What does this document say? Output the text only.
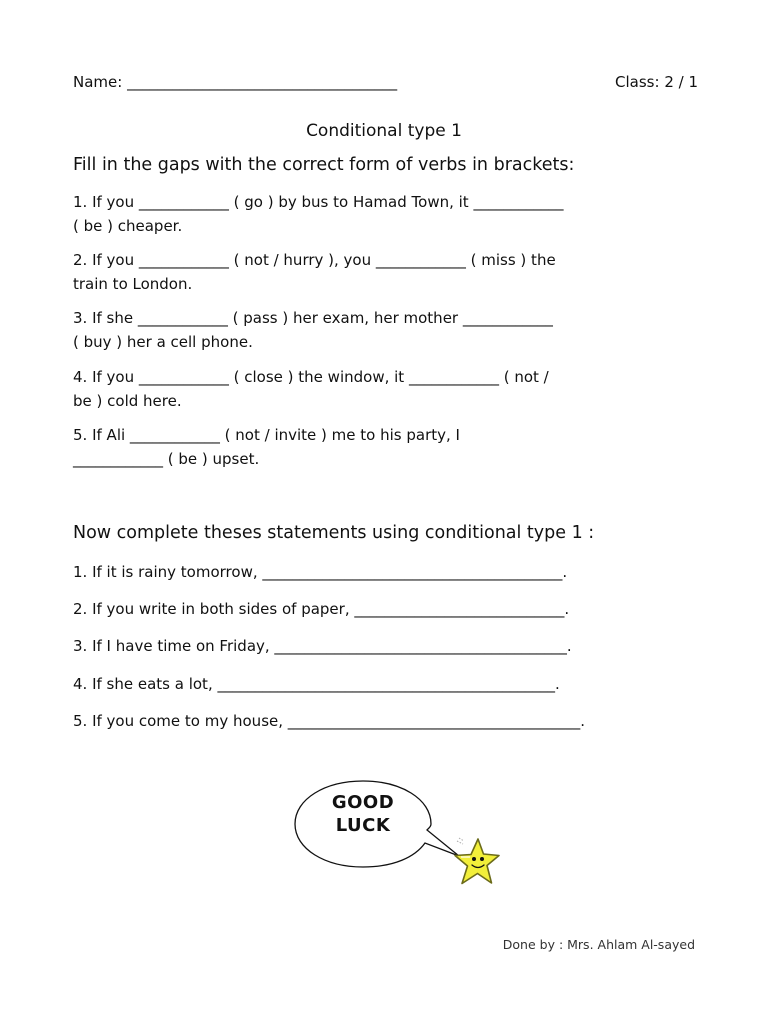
Name: ____________________________________	Class: 2 / 1
Conditional type 1
Fill in the gaps with the correct form of verbs in brackets:
1. If you ____________ ( go ) by bus to Hamad Town, it ____________
( be ) cheaper.
2. If you ____________ ( not / hurry ), you ____________ ( miss ) the
train to London.
3. If she ____________ ( pass ) her exam, her mother ____________
( buy ) her a cell phone.
4. If you ____________ ( close ) the window, it ____________ ( not /
be ) cold here.
5. If Ali ____________ ( not / invite ) me to his party, I
____________ ( be ) upset.
Now complete theses statements using conditional type 1 :
1. If it is rainy tomorrow, ________________________________________.
2. If you write in both sides of paper, ____________________________.
3. If I have time on Friday, _______________________________________.
4. If she eats a lot, _____________________________________________.
5. If you come to my house, _______________________________________.
GOOD
LUCK
Done by : Mrs. Ahlam Al-sayed
